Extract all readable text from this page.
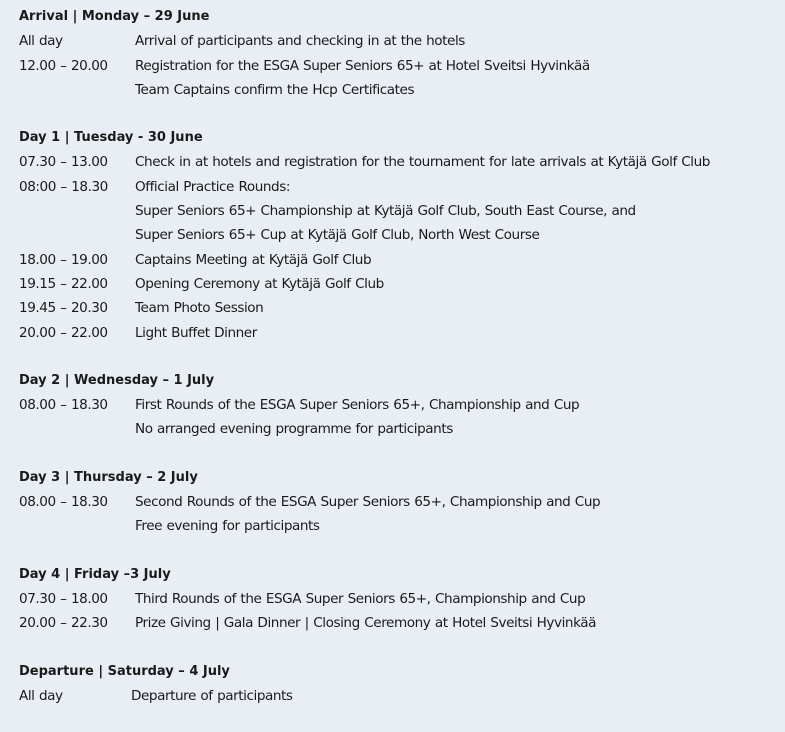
Arrival | Monday – 29 June
All day	Arrival of participants and checking in at the hotels
12.00 – 20.00	Registration for the ESGA Super Seniors 65+ at Hotel Sveitsi Hyvinkää
Team Captains confirm the Hcp Certificates
Day 1 | Tuesday - 30 June
07.30 – 13.00	Check in at hotels and registration for the tournament for late arrivals at Kytäjä Golf Club
08:00 – 18.30	Official Practice Rounds:
Super Seniors 65+ Championship at Kytäjä Golf Club, South East Course, and
Super Seniors 65+ Cup at Kytäjä Golf Club, North West Course
18.00 – 19.00	Captains Meeting at Kytäjä Golf Club
19.15 – 22.00	Opening Ceremony at Kytäjä Golf Club
19.45 – 20.30	Team Photo Session
20.00 – 22.00	Light Buffet Dinner
Day 2 | Wednesday – 1 July
08.00 – 18.30	First Rounds of the ESGA Super Seniors 65+, Championship and Cup
No arranged evening programme for participants
Day 3 | Thursday – 2 July
08.00 – 18.30	Second Rounds of the ESGA Super Seniors 65+, Championship and Cup
Free evening for participants
Day 4 | Friday –3 July
07.30 – 18.00	Third Rounds of the ESGA Super Seniors 65+, Championship and Cup
20.00 – 22.30	Prize Giving | Gala Dinner | Closing Ceremony at Hotel Sveitsi Hyvinkää
Departure | Saturday – 4 July
All day	Departure of participants
